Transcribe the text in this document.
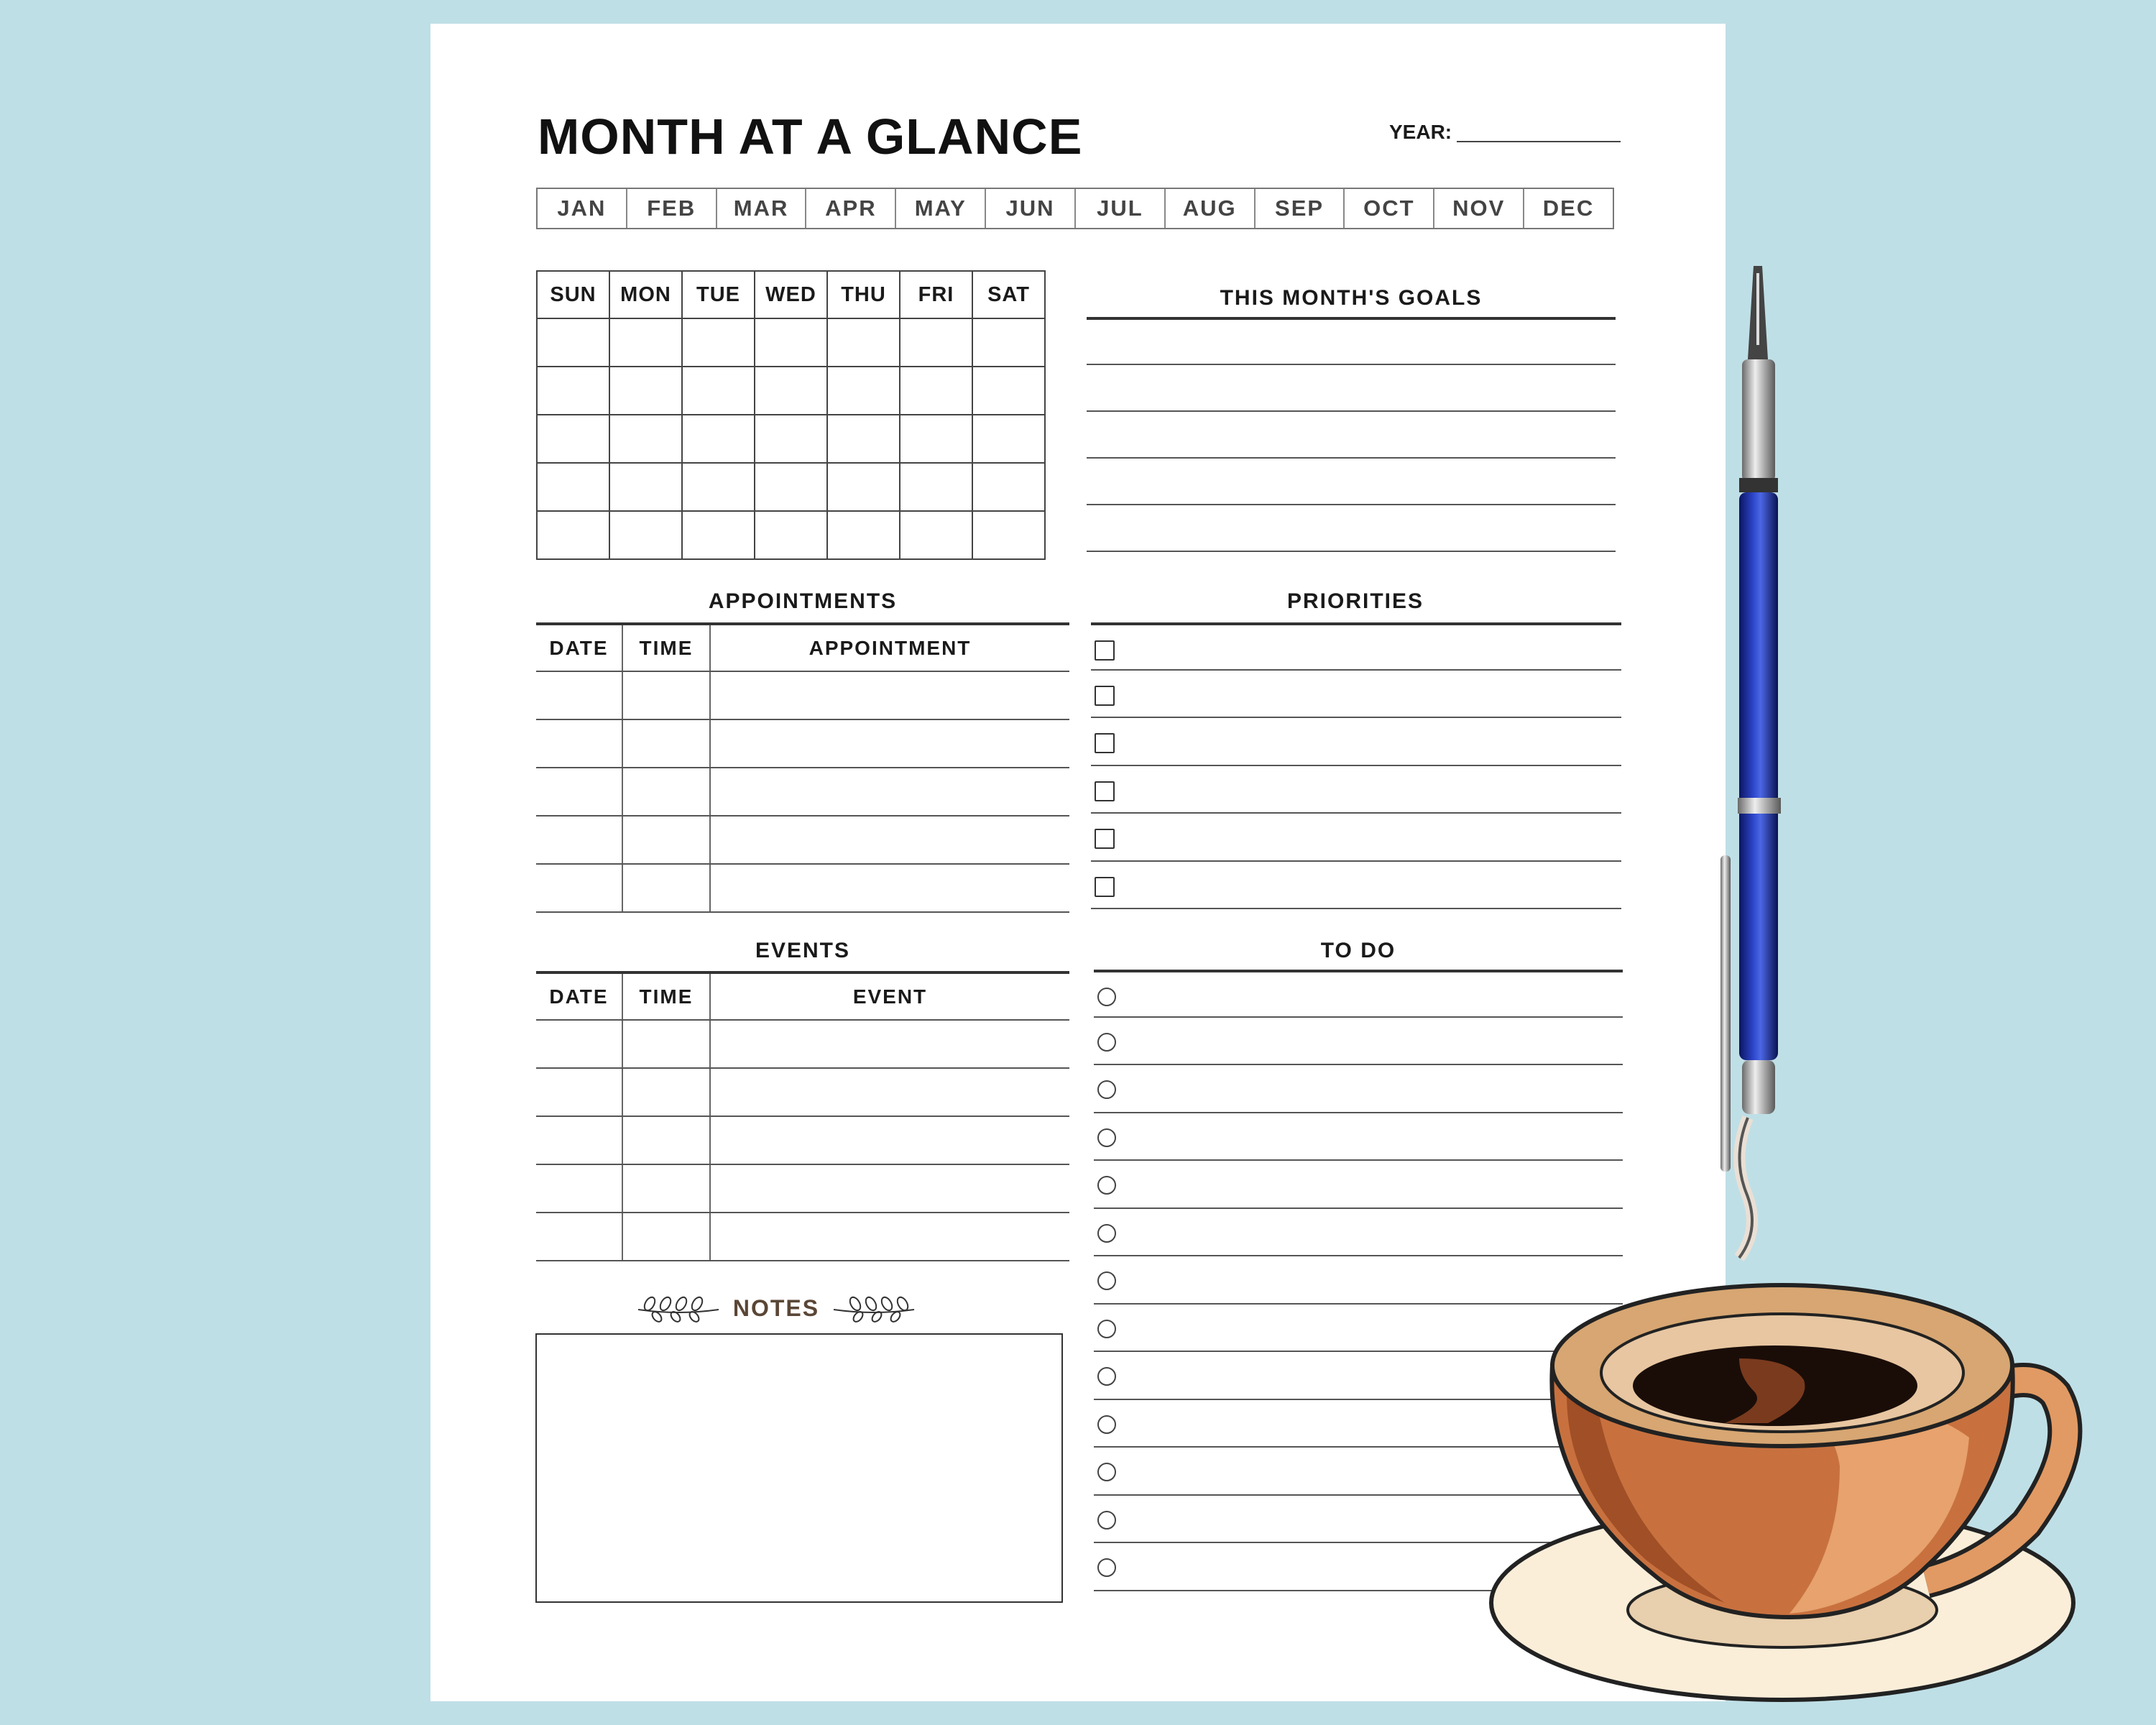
MONTH AT A GLANCE	YEAR:
JAN	FEB	MAR	APR	MAY	JUN	JUL	AUG	SEP	OCT	NOV	DEC
SUN	MON	TUE	WED	THU	FRI	SAT

							THIS MONTH'S GOALS
APPOINTMENTS
DATE	TIME	APPOINTMENT

PRIORITIES
EVENTS
DATE	TIME	EVENT

TO DO
NOTES
